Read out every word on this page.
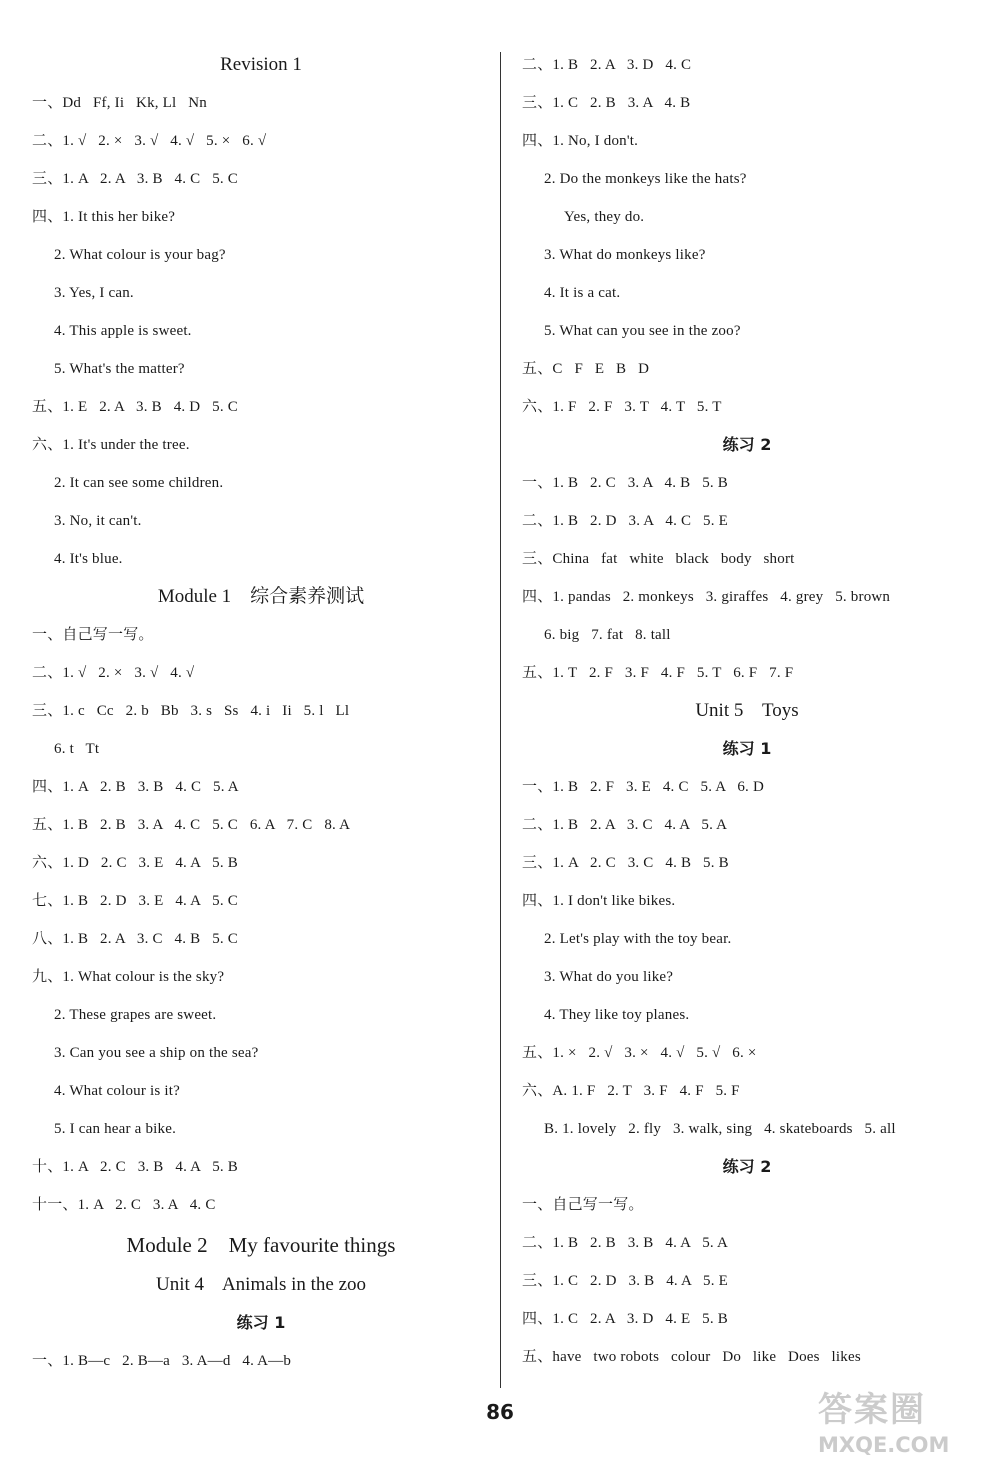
Revision 1
一、Dd   Ff, Ii   Kk, Ll   Nn
二、1. √   2. ×   3. √   4. √   5. ×   6. √
三、1. A   2. A   3. B   4. C   5. C
四、1. It this her bike?
2. What colour is your bag?
3. Yes, I can.
4. This apple is sweet.
5. What's the matter?
五、1. E   2. A   3. B   4. D   5. C
六、1. It's under the tree.
2. It can see some children.
3. No, it can't.
4. It's blue.
Module 1    综合素养测试
一、自己写一写。
二、1. √   2. ×   3. √   4. √
三、1. c   Cc   2. b   Bb   3. s   Ss   4. i   Ii   5. l   Ll
6. t   Tt
四、1. A   2. B   3. B   4. C   5. A
五、1. B   2. B   3. A   4. C   5. C   6. A   7. C   8. A
六、1. D   2. C   3. E   4. A   5. B
七、1. B   2. D   3. E   4. A   5. C
八、1. B   2. A   3. C   4. B   5. C
九、1. What colour is the sky?
2. These grapes are sweet.
3. Can you see a ship on the sea?
4. What colour is it?
5. I can hear a bike.
十、1. A   2. C   3. B   4. A   5. B
十一、1. A   2. C   3. A   4. C
Module 2    My favourite things
Unit 4    Animals in the zoo
练习 1
一、1. B—c   2. B—a   3. A—d   4. A—b
二、1. B   2. A   3. D   4. C
三、1. C   2. B   3. A   4. B
四、1. No, I don't.
2. Do the monkeys like the hats?
Yes, they do.
3. What do monkeys like?
4. It is a cat.
5. What can you see in the zoo?
五、C   F   E   B   D
六、1. F   2. F   3. T   4. T   5. T
练习 2
一、1. B   2. C   3. A   4. B   5. B
二、1. B   2. D   3. A   4. C   5. E
三、China   fat   white   black   body   short
四、1. pandas   2. monkeys   3. giraffes   4. grey   5. brown
6. big   7. fat   8. tall
五、1. T   2. F   3. F   4. F   5. T   6. F   7. F
Unit 5    Toys
练习 1
一、1. B   2. F   3. E   4. C   5. A   6. D
二、1. B   2. A   3. C   4. A   5. A
三、1. A   2. C   3. C   4. B   5. B
四、1. I don't like bikes.
2. Let's play with the toy bear.
3. What do you like?
4. They like toy planes.
五、1. ×   2. √   3. ×   4. √   5. √   6. ×
六、A. 1. F   2. T   3. F   4. F   5. F
B. 1. lovely   2. fly   3. walk, sing   4. skateboards   5. all
练习 2
一、自己写一写。
二、1. B   2. B   3. B   4. A   5. A
三、1. C   2. D   3. B   4. A   5. E
四、1. C   2. A   3. D   4. E   5. B
五、have   two robots   colour   Do   like   Does   likes
86	答案圈
MXQE.COM
